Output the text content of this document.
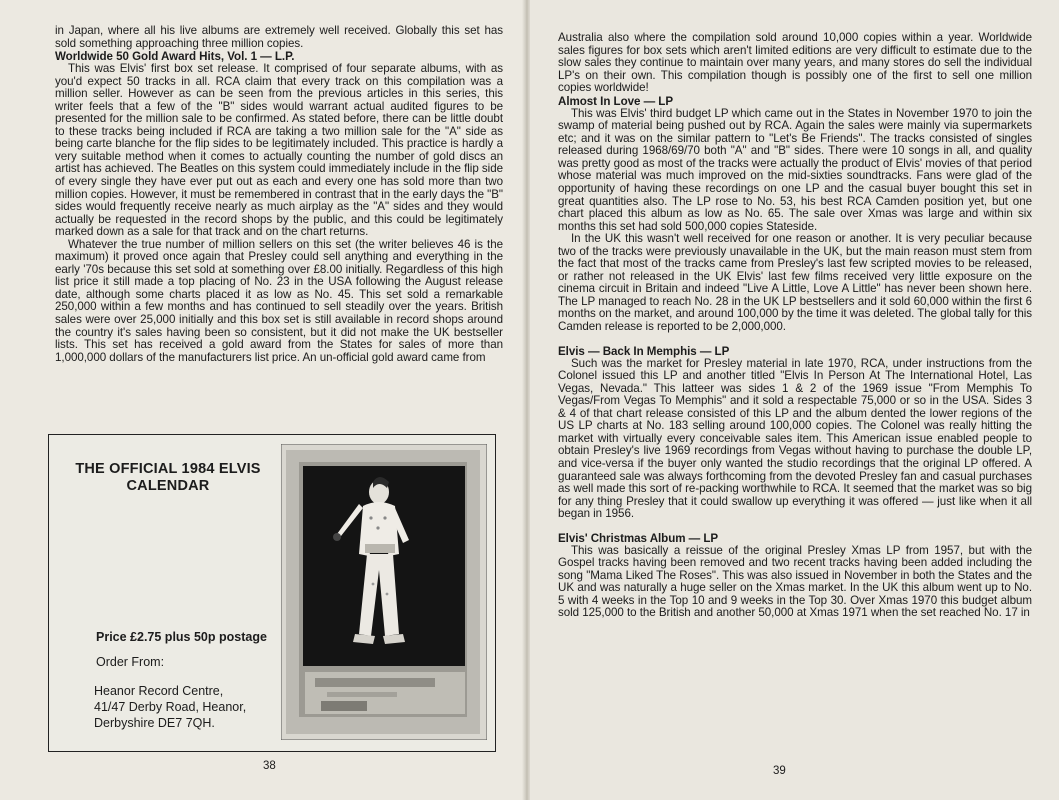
in Japan, where all his live albums are extremely well received. Globally this set has sold something approaching three million copies.

Worldwide 50 Gold Award Hits, Vol. 1 — L.P.

This was Elvis' first box set release. It comprised of four separate albums, with as you'd expect 50 tracks in all. RCA claim that every track on this compilation was a million seller. However as can be seen from the previous articles in this series, this writer feels that a few of the "B" sides would warrant actual audited figures to be presented for the million sale to be confirmed. As stated before, there can be little doubt to these tracks being included if RCA are taking a two million sale for the "A" side as being carte blanche for the flip sides to be legitimately included. This practice is hardly a very suitable method when it comes to actually counting the number of gold discs an artist has achieved. The Beatles on this system could immediately include in the flip side of every single they have ever put out as each and every one has sold more than two million copies. However, it must be remembered in contrast that in the early days the "B" sides would frequently receive nearly as much airplay as the "A" sides and they would actually be requested in the record shops by the public, and this could be legitimately marked down as a sale for that track and on the chart returns.

Whatever the true number of million sellers on this set (the writer believes 46 is the maximum) it proved once again that Presley could sell anything and everything in the early '70s because this set sold at something over £8.00 initially. Regardless of this high list price it still made a top placing of No. 23 in the USA following the August release date, although some charts placed it as low as No. 45. This set sold a remarkable 250,000 within a few months and has continued to sell steadily over the years. British sales were over 25,000 initially and this box set is still available in record shops around the country it's sales having been so consistent, but it did not make the UK bestseller lists. This set has received a gold award from the States for sales of more than 1,000,000 dollars of the manufacturers list price. An un-official gold award came from

THE OFFICIAL 1984 ELVIS CALENDAR
Price £2.75 plus 50p postage
Order From:
Heanor Record Centre,
41/47 Derby Road, Heanor,
Derbyshire DE7 7QH.
38

Australia also where the compilation sold around 10,000 copies within a year. Worldwide sales figures for box sets which aren't limited editions are very difficult to estimate due to the slow sales they continue to maintain over many years, and many stores do sell the individual LP's on their own. This compilation though is possibly one of the first to sell one million copies worldwide!

Almost In Love — LP

This was Elvis' third budget LP which came out in the States in November 1970 to join the swamp of material being pushed out by RCA. Again the sales were mainly via supermarkets etc; and it was on the similar pattern to "Let's Be Friends". The tracks consisted of singles released during 1968/69/70 both "A" and "B" sides. There were 10 songs in all, and quality was pretty good as most of the tracks were actually the product of Elvis' movies of that period whose material was much improved on the mid-sixties soundtracks. Fans were glad of the opportunity of having these recordings on one LP and the casual buyer bought this set in great quantities also. The LP rose to No. 53, his best RCA Camden position yet, but one chart placed this album as low as No. 65. The sale over Xmas was large and within six months this set had sold 500,000 copies Stateside.

In the UK this wasn't well received for one reason or another. It is very peculiar because two of the tracks were previously unavailable in the UK, but the main reason must stem from the fact that most of the tracks came from Presley's last few scripted movies to be released, or rather not released in the UK Elvis' last few films received very little exposure on the cinema circuit in Britain and indeed "Live A Little, Love A Little" has never been shown here. The LP managed to reach No. 28 in the UK LP bestsellers and it sold 60,000 within the first 6 months on the market, and around 100,000 by the time it was deleted. The global tally for this Camden release is reported to be 2,000,000.

Elvis — Back In Memphis — LP

Such was the market for Presley material in late 1970, RCA, under instructions from the Colonel issued this LP and another titled "Elvis In Person At The International Hotel, Las Vegas, Nevada." This latteer was sides 1 & 2 of the 1969 issue "From Memphis To Vegas/From Vegas To Memphis" and it sold a respectable 75,000 or so in the USA. Sides 3 & 4 of that chart release consisted of this LP and the album dented the lower regions of the US LP charts at No. 183 selling around 100,000 copies. The Colonel was really hitting the market with virtually every conceivable sales item. This American issue enabled people to obtain Presley's live 1969 recordings from Vegas without having to purchase the double LP, and vice-versa if the buyer only wanted the studio recordings that the original LP offered. A guaranteed sale was always forthcoming from the devoted Presley fan and casual purchases as well made this sort of re-packing worthwhile to RCA. It seemed that the market was so big for any thing Presley that it could swallow up everything it was offered — just like when it all began in 1956.

Elvis' Christmas Album — LP

This was basically a reissue of the original Presley Xmas LP from 1957, but with the Gospel tracks having been removed and two recent tracks having been added including the song "Mama Liked The Roses". This was also issued in November in both the States and the UK and was naturally a huge seller on the Xmas market. In the UK this album went up to No. 5 with 4 weeks in the Top 10 and 9 weeks in the Top 30. Over Xmas 1970 this budget album sold 125,000 to the British and another 50,000 at Xmas 1971 when the set reached No. 17 in

39
